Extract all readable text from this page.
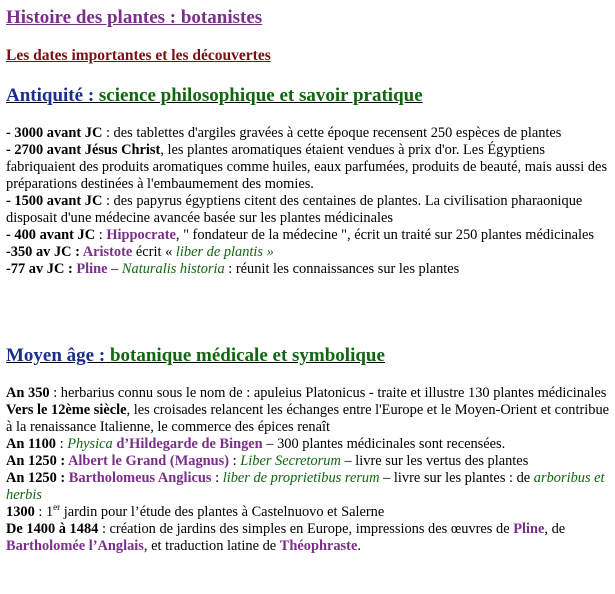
Histoire des plantes : botanistes
Les dates importantes et les découvertes
Antiquité : science philosophique et savoir pratique

- 3000 avant JC : des tablettes d'argiles gravées à cette époque recensent 250 espèces de plantes

- 2700 avant Jésus Christ, les plantes aromatiques étaient vendues à prix d'or. Les Égyptiens fabriquaient des produits aromatiques comme huiles, eaux parfumées, produits de beauté, mais aussi des préparations destinées à l'embaumement des momies.

- 1500 avant JC : des papyrus égyptiens citent des centaines de plantes. La civilisation pharaonique disposait d'une médecine avancée basée sur les plantes médicinales

- 400 avant JC : Hippocrate, " fondateur de la médecine ", écrit un traité sur 250 plantes médicinales

-350 av JC : Aristote écrit « liber de plantis »

-77 av JC : Pline – Naturalis historia : réunit les connaissances sur les plantes

Moyen âge : botanique médicale et symbolique

An 350 : herbarius connu sous le nom de : apuleius Platonicus - traite et illustre 130 plantes médicinales

Vers le 12ème siècle, les croisades relancent les échanges entre l'Europe et le Moyen-Orient et contribue à la renaissance Italienne, le commerce des épices renaît

An 1100 : Physica d’Hildegarde de Bingen – 300 plantes médicinales sont recensées.

An 1250 : Albert le Grand (Magnus) : Liber Secretorum – livre sur les vertus des plantes

An 1250 : Bartholomeus Anglicus : liber de proprietibus rerum – livre sur les plantes : de arboribus et herbis

1300 : 1er jardin pour l’étude des plantes à Castelnuovo et Salerne

De 1400 à 1484 : création de jardins des simples en Europe, impressions des œuvres de Pline, de Bartholomée l’Anglais, et traduction latine de Théophraste.
